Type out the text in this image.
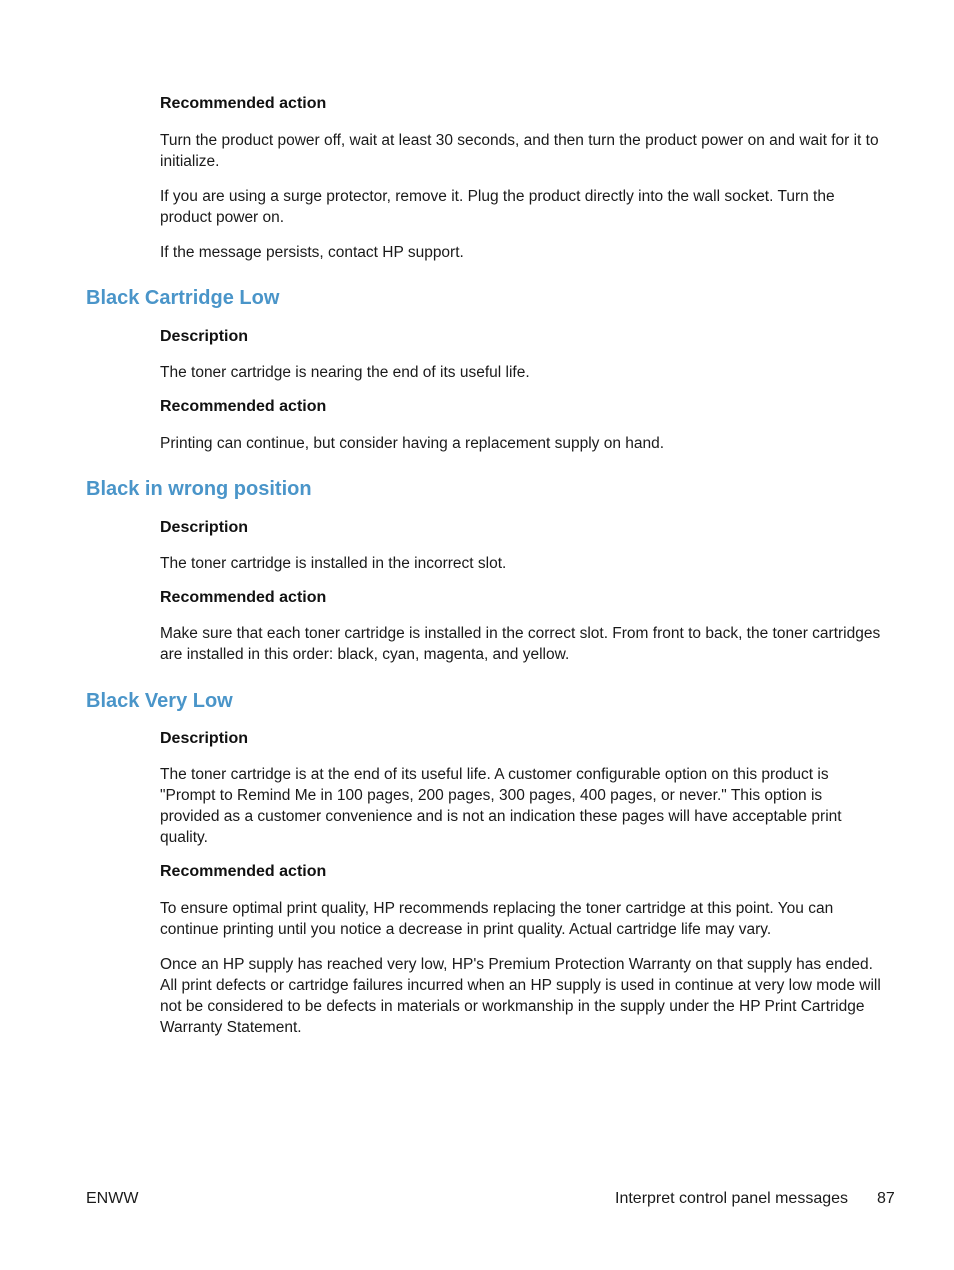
Recommended action
Turn the product power off, wait at least 30 seconds, and then turn the product power on and wait for it to initialize.
If you are using a surge protector, remove it. Plug the product directly into the wall socket. Turn the product power on.
If the message persists, contact HP support.
Black Cartridge Low
Description
The toner cartridge is nearing the end of its useful life.
Recommended action
Printing can continue, but consider having a replacement supply on hand.
Black in wrong position
Description
The toner cartridge is installed in the incorrect slot.
Recommended action
Make sure that each toner cartridge is installed in the correct slot. From front to back, the toner cartridges are installed in this order: black, cyan, magenta, and yellow.
Black Very Low
Description
The toner cartridge is at the end of its useful life. A customer configurable option on this product is "Prompt to Remind Me in 100 pages, 200 pages, 300 pages, 400 pages, or never." This option is provided as a customer convenience and is not an indication these pages will have acceptable print quality.
Recommended action
To ensure optimal print quality, HP recommends replacing the toner cartridge at this point. You can continue printing until you notice a decrease in print quality. Actual cartridge life may vary.
Once an HP supply has reached very low, HP's Premium Protection Warranty on that supply has ended. All print defects or cartridge failures incurred when an HP supply is used in continue at very low mode will not be considered to be defects in materials or workmanship in the supply under the HP Print Cartridge Warranty Statement.
ENWW	Interpret control panel messages 87
